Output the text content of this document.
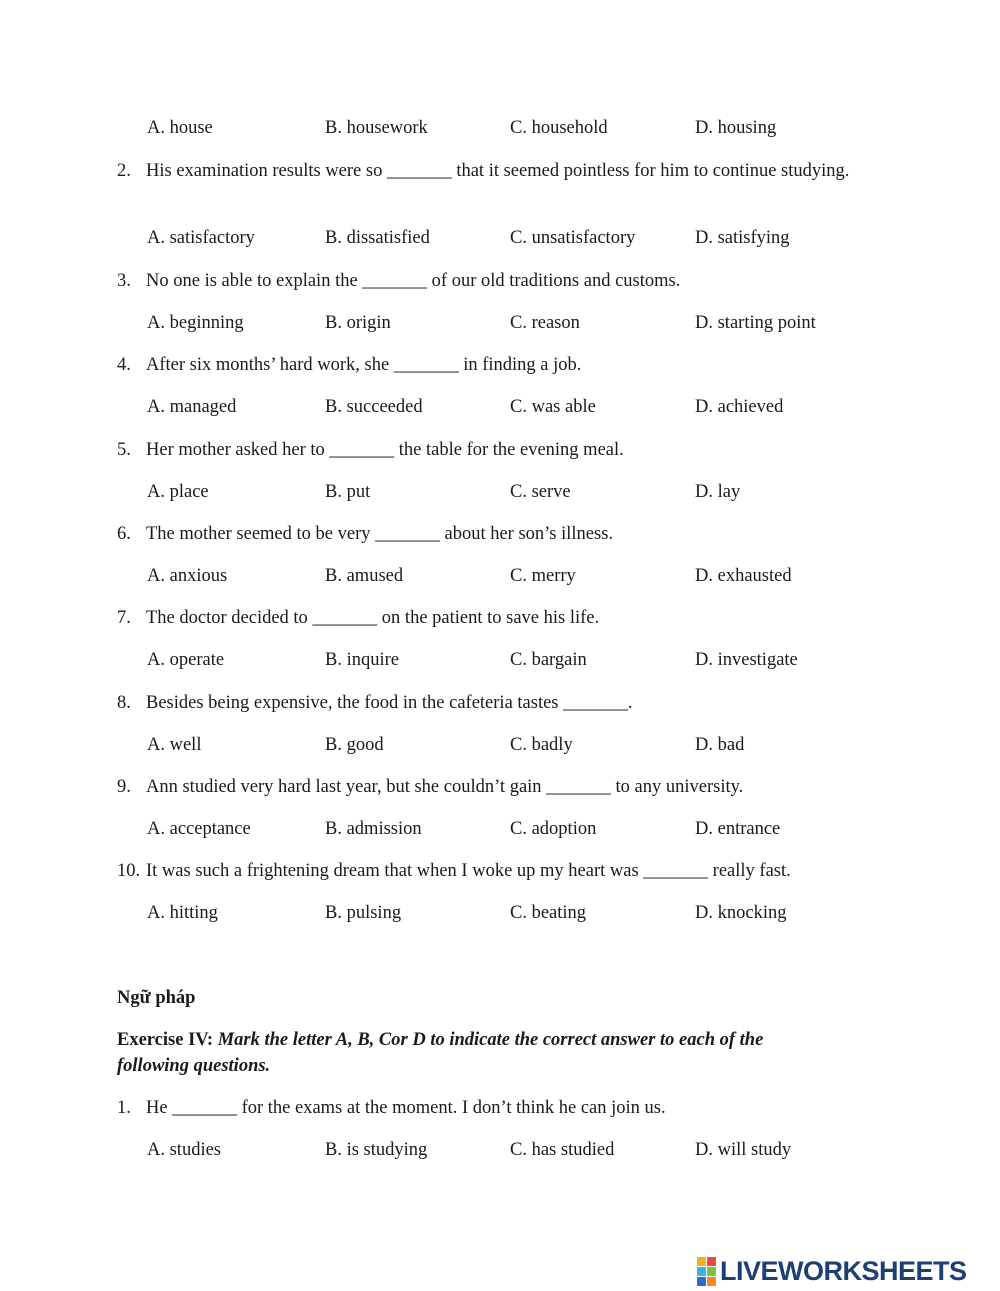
A. house	B. housework	C. household	D. housing
2. His examination results were so _______ that it seemed pointless for him to continue studying.
A. satisfactory	B. dissatisfied	C. unsatisfactory	D. satisfying
3. No one is able to explain the _______ of our old traditions and customs.
A. beginning	B. origin	C. reason	D. starting point
4. After six months’ hard work, she _______ in finding a job.
A. managed	B. succeeded	C. was able	D. achieved
5. Her mother asked her to _______ the table for the evening meal.
A. place	B. put	C. serve	D. lay
6. The mother seemed to be very _______ about her son’s illness.
A. anxious	B. amused	C. merry	D. exhausted
7. The doctor decided to _______ on the patient to save his life.
A. operate	B. inquire	C. bargain	D. investigate
8. Besides being expensive, the food in the cafeteria tastes _______.
A. well	B. good	C. badly	D. bad
9. Ann studied very hard last year, but she couldn’t gain _______ to any university.
A. acceptance	B. admission	C. adoption	D. entrance
10. It was such a frightening dream that when I woke up my heart was _______ really fast.
A. hitting	B. pulsing	C. beating	D. knocking
Ngữ pháp
Exercise IV: Mark the letter A, B, Cor D to indicate the correct answer to each of the following questions.
1. He _______ for the exams at the moment. I don’t think he can join us.
A. studies	B. is studying	C. has studied	D. will study
LIVEWORKSHEETS
